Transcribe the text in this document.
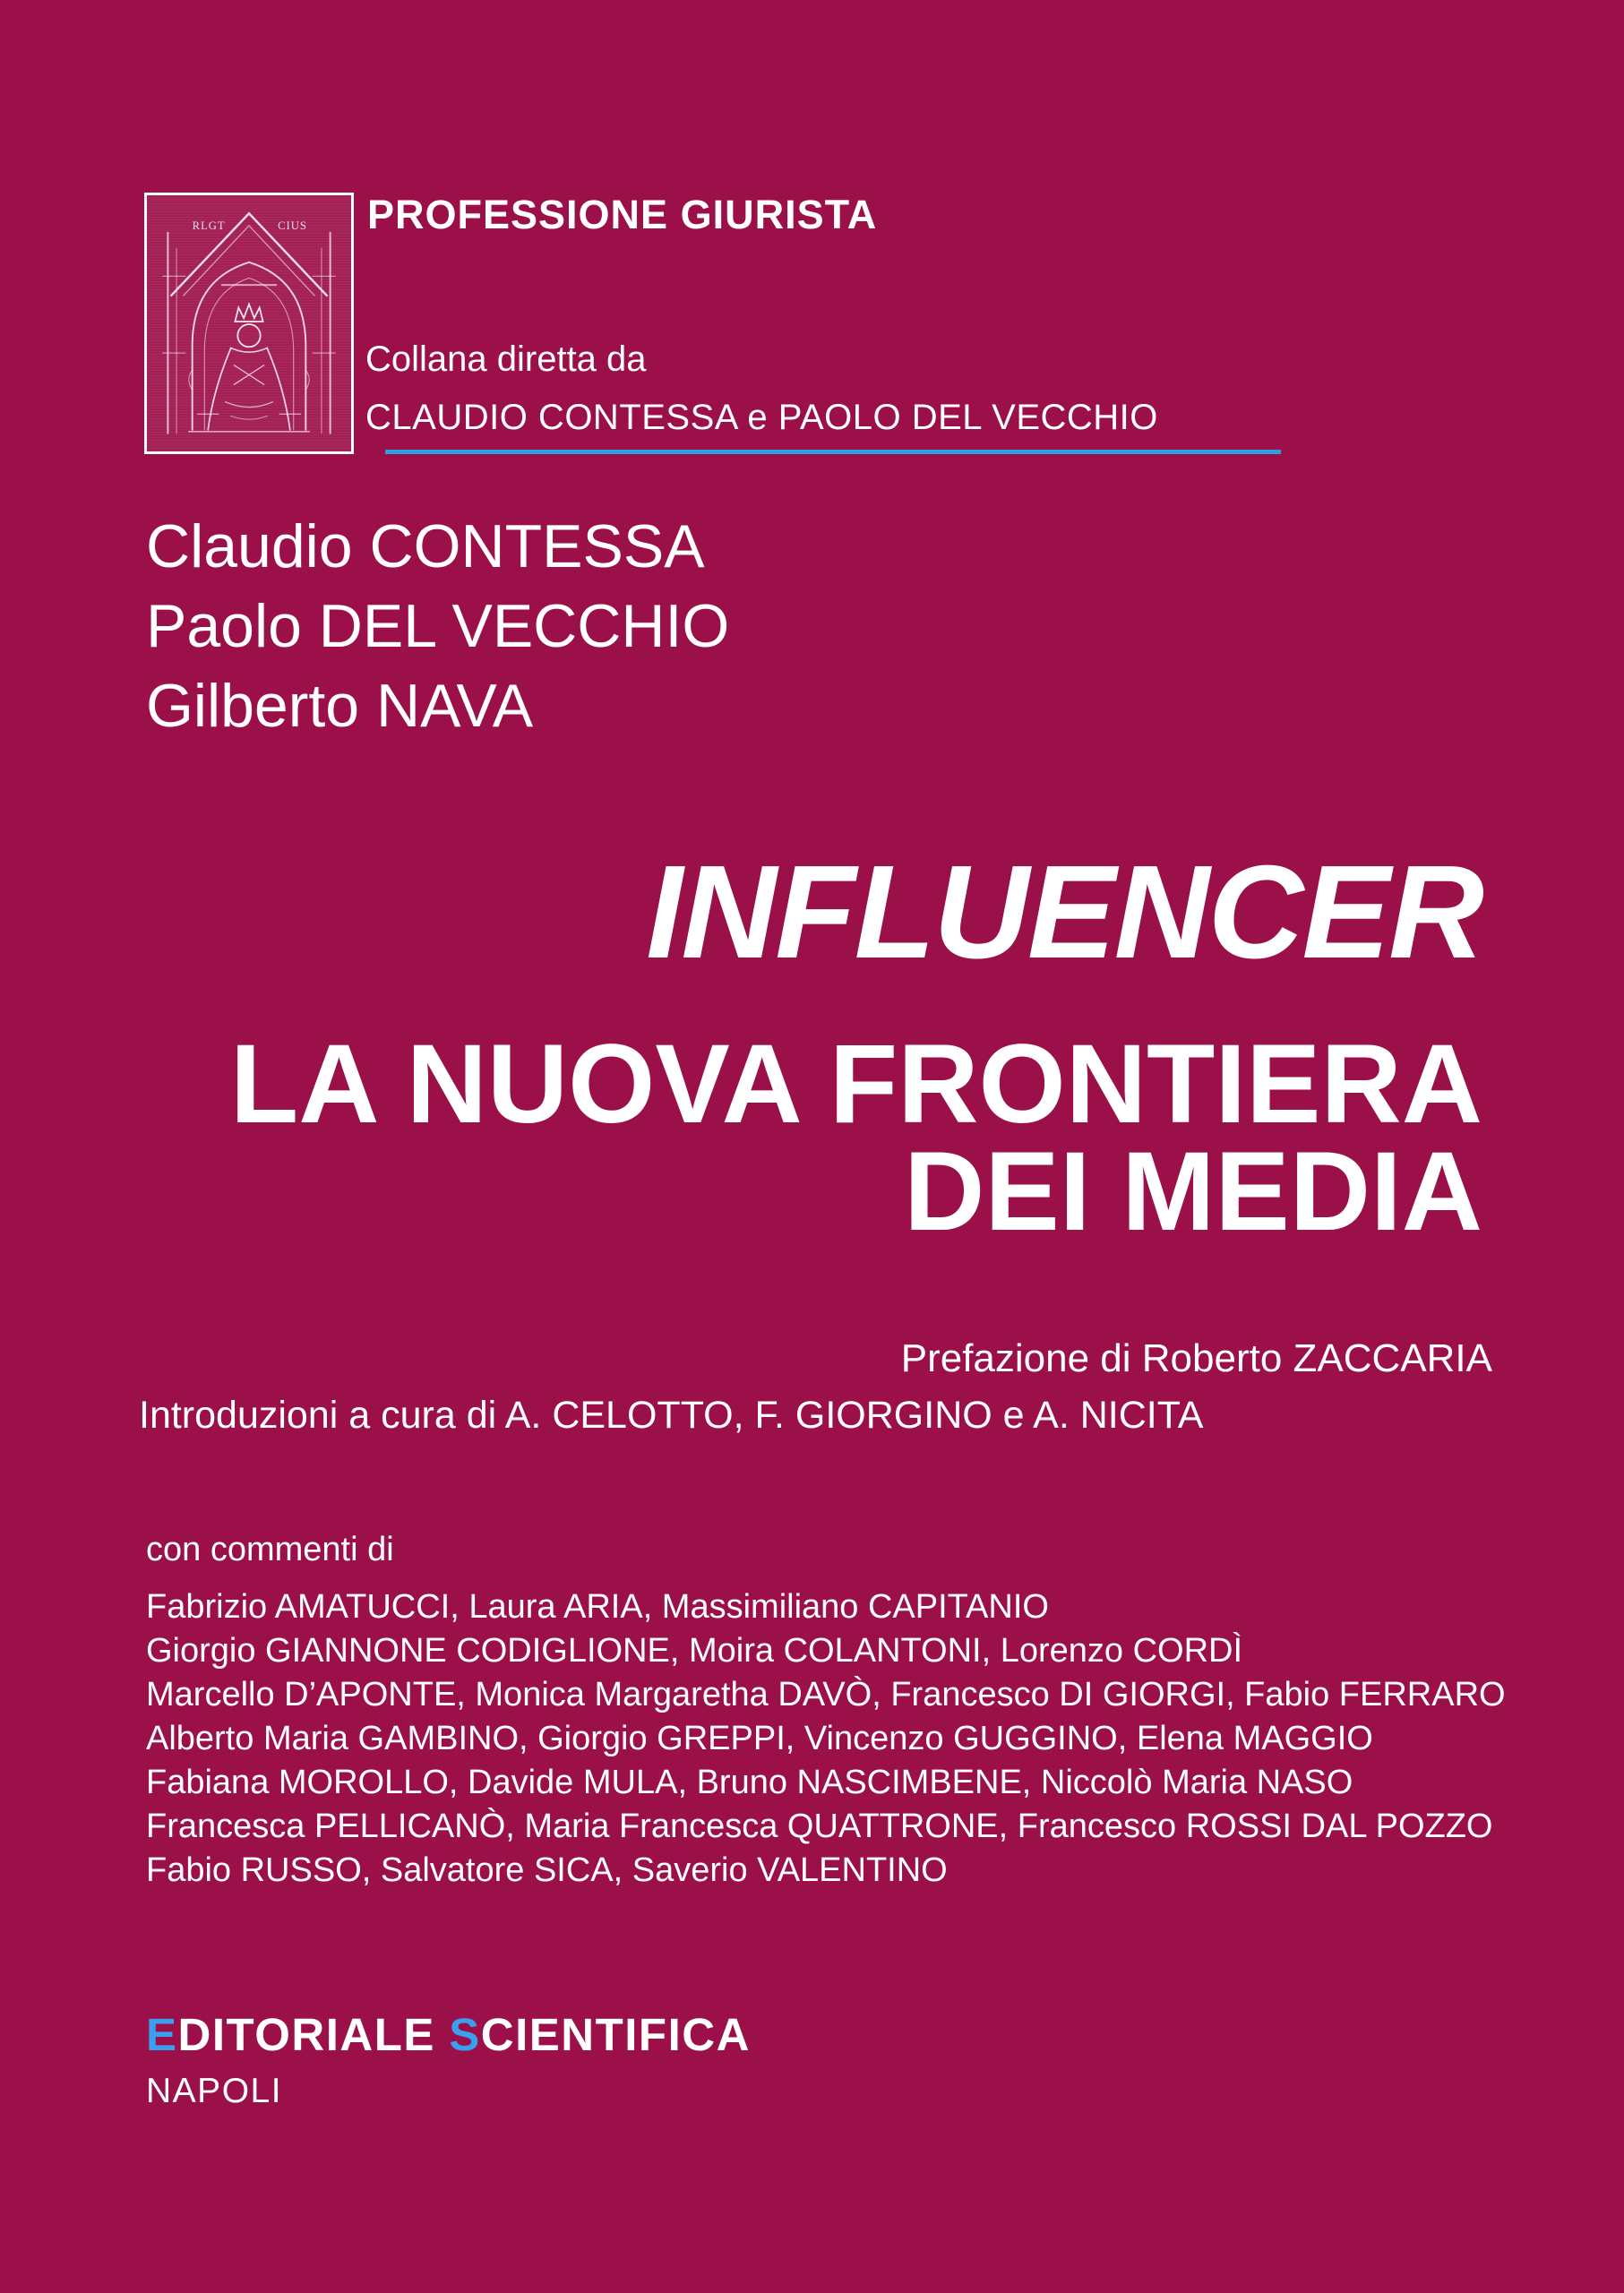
RLGT	CIUS PROFESSIONE GIURISTA
Collana diretta da
CLAUDIO CONTESSA e PAOLO DEL VECCHIO
Claudio CONTESSA
Paolo DEL VECCHIO
Gilberto NAVA
INFLUENCER
LA NUOVA FRONTIERA
DEI MEDIA
Prefazione di Roberto ZACCARIA
Introduzioni a cura di A. CELOTTO, F. GIORGINO e A. NICITA
con commenti di
Fabrizio AMATUCCI, Laura ARIA, Massimiliano CAPITANIO
Giorgio GIANNONE CODIGLIONE, Moira COLANTONI, Lorenzo CORDÌ
Marcello D’APONTE, Monica Margaretha DAVÒ, Francesco DI GIORGI, Fabio FERRARO
Alberto Maria GAMBINO, Giorgio GREPPI, Vincenzo GUGGINO, Elena MAGGIO
Fabiana MOROLLO, Davide MULA, Bruno NASCIMBENE, Niccolò Maria NASO
Francesca PELLICANÒ, Maria Francesca QUATTRONE, Francesco ROSSI DAL POZZO
Fabio RUSSO, Salvatore SICA, Saverio VALENTINO
EDITORIALE SCIENTIFICA
NAPOLI
